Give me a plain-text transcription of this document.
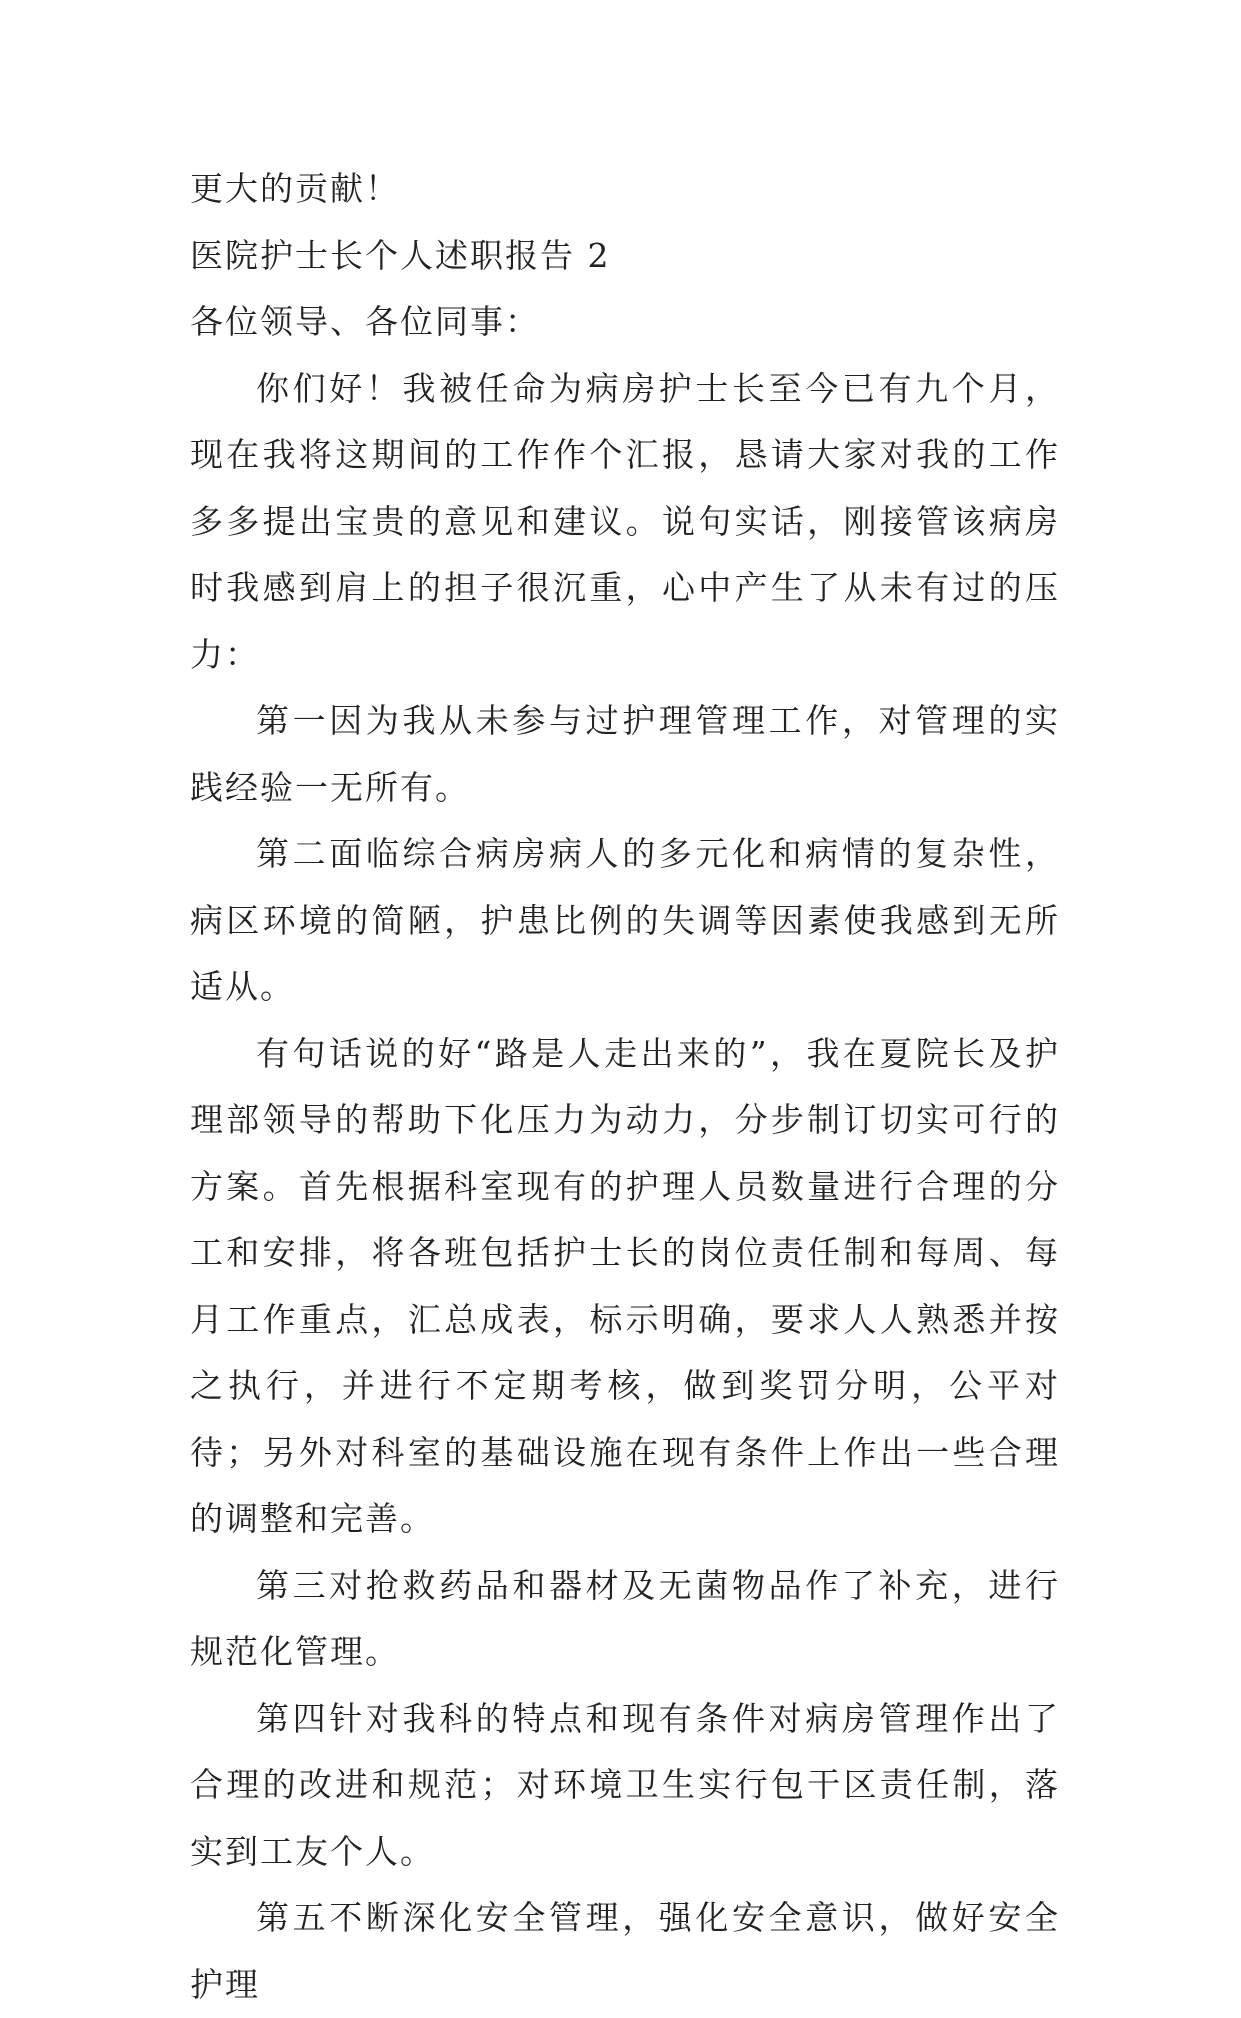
更大的贡献！

医院护士长个人述职报告 2

各位领导、各位同事：

你们好！我被任命为病房护士长至今已有九个月，现在我将这期间的工作作个汇报，恳请大家对我的工作多多提出宝贵的意见和建议。说句实话，刚接管该病房时我感到肩上的担子很沉重，心中产生了从未有过的压力：

第一因为我从未参与过护理管理工作，对管理的实践经验一无所有。

第二面临综合病房病人的多元化和病情的复杂性，病区环境的简陋，护患比例的失调等因素使我感到无所适从。

有句话说的好“路是人走出来的”，我在夏院长及护理部领导的帮助下化压力为动力，分步制订切实可行的方案。首先根据科室现有的护理人员数量进行合理的分工和安排，将各班包括护士长的岗位责任制和每周、每月工作重点，汇总成表，标示明确，要求人人熟悉并按之执行，并进行不定期考核，做到奖罚分明，公平对待；另外对科室的基础设施在现有条件上作出一些合理的调整和完善。

第三对抢救药品和器材及无菌物品作了补充，进行规范化管理。

第四针对我科的特点和现有条件对病房管理作出了合理的改进和规范；对环境卫生实行包干区责任制，落实到工友个人。

第五不断深化安全管理，强化安全意识，做好安全护理
